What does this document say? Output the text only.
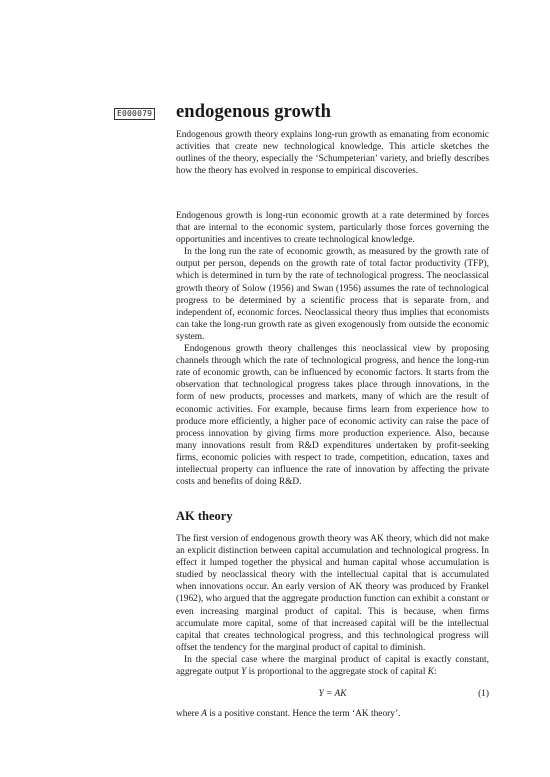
E000079 endogenous growth

Endogenous growth theory explains long-run growth as emanating from economic activities that create new technological knowledge. This article sketches the outlines of the theory, especially the ‘Schumpeterian’ variety, and briefly describes how the theory has evolved in response to empirical discoveries.

Endogenous growth is long-run economic growth at a rate determined by forces that are internal to the economic system, particularly those forces governing the opportunities and incentives to create technological knowledge.

In the long run the rate of economic growth, as measured by the growth rate of output per person, depends on the growth rate of total factor productivity (TFP), which is determined in turn by the rate of technological progress. The neoclassical growth theory of Solow (1956) and Swan (1956) assumes the rate of technological progress to be determined by a scientific process that is separate from, and independent of, economic forces. Neoclassical theory thus implies that economists can take the long-run growth rate as given exogenously from outside the economic system.

Endogenous growth theory challenges this neoclassical view by proposing channels through which the rate of technological progress, and hence the long-run rate of economic growth, can be influenced by economic factors. It starts from the observation that technological progress takes place through innovations, in the form of new products, processes and markets, many of which are the result of economic activities. For example, because firms learn from experience how to produce more efficiently, a higher pace of economic activity can raise the pace of process innovation by giving firms more production experience. Also, because many innovations result from R&D expenditures undertaken by profit-seeking firms, economic policies with respect to trade, competition, education, taxes and intellectual property can influence the rate of innovation by affecting the private costs and benefits of doing R&D.

AK theory

The first version of endogenous growth theory was AK theory, which did not make an explicit distinction between capital accumulation and technological progress. In effect it lumped together the physical and human capital whose accumulation is studied by neoclassical theory with the intellectual capital that is accumulated when innovations occur. An early version of AK theory was produced by Frankel (1962), who argued that the aggregate production function can exhibit a constant or even increasing marginal product of capital. This is because, when firms accumulate more capital, some of that increased capital will be the intellectual capital that creates technological progress, and this technological progress will offset the tendency for the marginal product of capital to diminish.

In the special case where the marginal product of capital is exactly constant, aggregate output Y is proportional to the aggregate stock of capital K:

Y = AK	(1)
where A is a positive constant. Hence the term ‘AK theory’.
